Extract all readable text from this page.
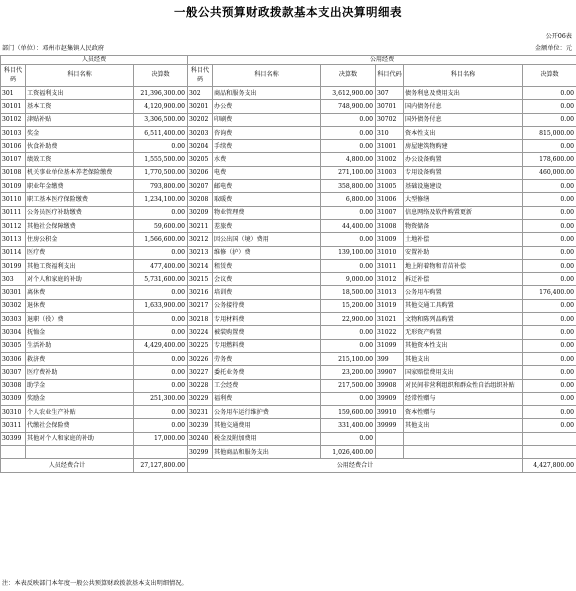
一般公共预算财政拨款基本支出决算明细表
公开06表
部门（单位）：邓州市赵集镇人民政府	金额单位：元
人员经费			公用经费					
科目代码	科目名称	决算数	科目代码	科目名称	决算数	科目代码	科目名称	决算数
301	工资福利支出	21,396,300.00	302	商品和服务支出	3,612,900.00	307	债务利息及费用支出	0.00
30101	基本工资	4,120,900.00	30201	办公费	748,900.00	30701	国内债务付息	0.00
30102	津贴补贴	3,306,500.00	30202	印刷费	0.00	30702	国外债务付息	0.00
30103	奖金	6,511,400.00	30203	咨询费	0.00	310	资本性支出	815,000.00
30106	伙食补助费	0.00	30204	手续费	0.00	31001	房屋建筑物购建	0.00
30107	绩效工资	1,555,500.00	30205	水费	4,800.00	31002	办公设备购置	178,600.00
30108	机关事业单位基本养老保险缴费	1,770,500.00	30206	电费	271,100.00	31003	专用设备购置	460,000.00
30109	职业年金缴费	793,800.00	30207	邮电费	358,800.00	31005	基础设施建设	0.00
30110	职工基本医疗保险缴费	1,234,100.00	30208	取暖费	6,800.00	31006	大型修缮	0.00
30111	公务员医疗补助缴费	0.00	30209	物业管理费	0.00	31007	信息网络及软件购置更新	0.00
30112	其他社会保障缴费	59,600.00	30211	差旅费	44,400.00	31008	物资储备	0.00
30113	住房公积金	1,566,600.00	30212	因公出国（境）费用	0.00	31009	土地补偿	0.00
30114	医疗费	0.00	30213	维修（护）费	139,100.00	31010	安置补助	0.00
30199	其他工资福利支出	477,400.00	30214	租赁费	0.00	31011	地上附着物和青苗补偿	0.00
303	对个人和家庭的补助	5,731,600.00	30215	会议费	9,000.00	31012	拆迁补偿	0.00
30301	离休费	0.00	30216	培训费	18,500.00	31013	公务用车购置	176,400.00
30302	退休费	1,633,900.00	30217	公务接待费	15,200.00	31019	其他交通工具购置	0.00
30303	退职（役）费	0.00	30218	专用材料费	22,900.00	31021	文物和陈列品购置	0.00
30304	抚恤金	0.00	30224	被装购置费	0.00	31022	无形资产购置	0.00
30305	生活补助	4,429,400.00	30225	专用燃料费	0.00	31099	其他资本性支出	0.00
30306	救济费	0.00	30226	劳务费	215,100.00	399	其他支出	0.00
30307	医疗费补助	0.00	30227	委托业务费	23,200.00	39907	国家赔偿费用支出	0.00
30308	助学金	0.00	30228	工会经费	217,500.00	39908	对民间非营利组织和群众性自治组织补贴	0.00
30309	奖励金	251,300.00	30229	福利费	0.00	39909	经常性赠与	0.00
30310	个人农业生产补贴	0.00	30231	公务用车运行维护费	159,600.00	39910	资本性赠与	0.00
30311	代缴社会保险费	0.00	30239	其他交通费用	331,400.00	39999	其他支出	0.00
30399	其他对个人和家庭的补助	17,000.00	30240	税金及附加费用	0.00			
			30299	其他商品和服务支出	1,026,400.00			
人员经费合计		27,127,800.00	公用经费合计					4,427,800.00
注：本表反映部门本年度一般公共预算财政拨款基本支出明细情况。
